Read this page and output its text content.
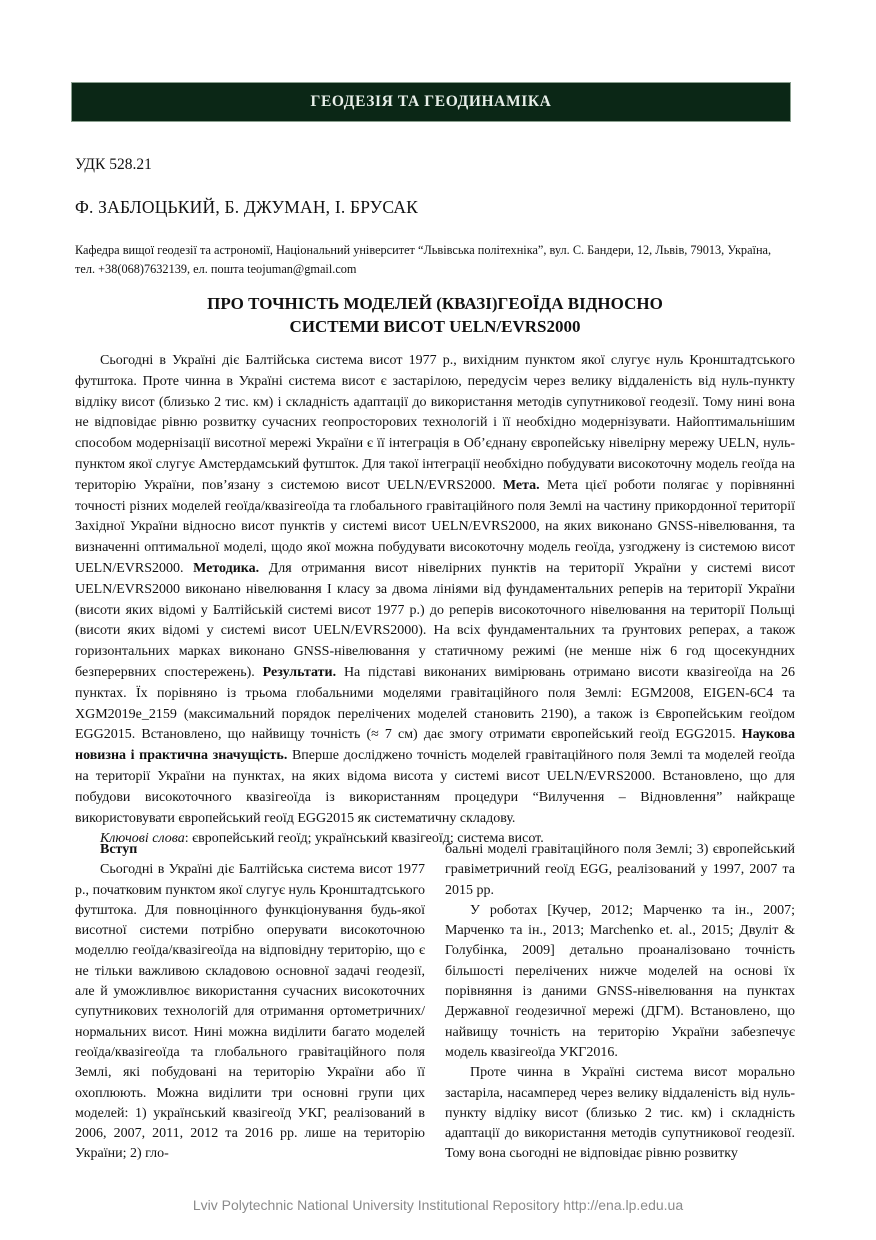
ГЕОДЕЗІЯ ТА ГЕОДИНАМІКА
УДК 528.21
Ф. ЗАБЛОЦЬКИЙ, Б. ДЖУМАН, І. БРУСАК
Кафедра вищої геодезії та астрономії, Національний університет “Львівська політехніка”, вул. С. Бандери, 12, Львів, 79013, Україна,
тел. +38(068)7632139, ел. пошта teojuman@gmail.com
ПРО ТОЧНІСТЬ МОДЕЛЕЙ (КВАЗІ)ГЕОЇДА ВІДНОСНО
СИСТЕМИ ВИСОТ UELN/EVRS2000

Сьогодні в Україні діє Балтійська система висот 1977 р., вихідним пунктом якої слугує нуль Кронштадтського футштока. Проте чинна в Україні система висот є застарілою, передусім через велику віддаленість від нуль-пункту відліку висот (близько 2 тис. км) і складність адаптації до використання методів супутникової геодезії. Тому нині вона не відповідає рівню розвитку сучасних геопросторових технологій і її необхідно модернізувати. Найоптимальнішим способом модернізації висотної мережі України є її інтеграція в Об’єднану європейську нівелірну мережу UELN, нуль-пунктом якої слугує Амстердамський футшток. Для такої інтеграції необхідно побудувати високоточну модель геоїда на територію України, пов’язану з системою висот UELN/EVRS2000. Мета. Мета цієї роботи полягає у порівнянні точності різних моделей геоїда/квазігеоїда та глобального гравітаційного поля Землі на частину прикордонної території Західної України відносно висот пунктів у системі висот UELN/EVRS2000, на яких виконано GNSS-нівелювання, та визначенні оптимальної моделі, щодо якої можна побудувати високоточну модель геоїда, узгоджену із системою висот UELN/EVRS2000. Методика. Для отримання висот нівелірних пунктів на території України у системі висот UELN/EVRS2000 виконано нівелювання І класу за двома лініями від фундаментальних реперів на території України (висоти яких відомі у Балтійській системі висот 1977 р.) до реперів високоточного нівелювання на території Польщі (висоти яких відомі у системі висот UELN/EVRS2000). На всіх фундаментальних та ґрунтових реперах, а також горизонтальних марках виконано GNSS-нівелювання у статичному режимі (не менше ніж 6 год щосекундних безперервних спостережень). Результати. На підставі виконаних вимірювань отримано висоти квазігеоїда на 26 пунктах. Їх порівняно із трьома глобальними моделями гравітаційного поля Землі: EGM2008, EIGEN-6C4 та XGM2019e_2159 (максимальний порядок перелічених моделей становить 2190), а також із Європейським геоїдом EGG2015. Встановлено, що найвищу точність (≈ 7 см) дає змогу отримати європейський геоїд EGG2015. Наукова новизна і практична значущість. Вперше досліджено точність моделей гравітаційного поля Землі та моделей геоїда на території України на пунктах, на яких відома висота у системі висот UELN/EVRS2000. Встановлено, що для побудови високоточного квазігеоїда із використанням процедури “Вилучення – Відновлення” найкраще використовувати європейський геоїд EGG2015 як систематичну складову.

Ключові слова: європейський геоїд; український квазігеоїд; система висот.

Вступ

Сьогодні в Україні діє Балтійська система висот 1977 р., початковим пунктом якої слугує нуль Кронштадтського футштока. Для повноцінного функціонування будь-якої висотної системи потрібно оперувати високоточною моделлю геоїда/квазігеоїда на відповідну територію, що є не тільки важливою складовою основної задачі геодезії, але й уможливлює використання сучасних високоточних супутникових технологій для отримання ортометричних/нормальних висот. Нині можна виділити багато моделей геоїда/квазігеоїда та глобального гравітаційного поля Землі, які побудовані на територію України або її охоплюють. Можна виділити три основні групи цих моделей: 1) український квазігеоїд УКГ, реалізований в 2006, 2007, 2011, 2012 та 2016 рр. лише на територію України; 2) гло-

бальні моделі гравітаційного поля Землі; 3) європейський гравіметричний геоїд EGG, реалізований у 1997, 2007 та 2015 рр.

У роботах [Кучер, 2012; Марченко та ін., 2007; Марченко та ін., 2013; Marchenko et. al., 2015; Двуліт & Голубінка, 2009] детально проаналізовано точність більшості перелічених нижче моделей на основі їх порівняння із даними GNSS-нівелювання на пунктах Державної геодезичної мережі (ДГМ). Встановлено, що найвищу точність на територію України забезпечує модель квазігеоїда УКГ2016.

Проте чинна в Україні система висот морально застаріла, насамперед через велику віддаленість від нуль-пункту відліку висот (близько 2 тис. км) і складність адаптації до використання методів супутникової геодезії. Тому вона сьогодні не відповідає рівню розвитку

Lviv Polytechnic National University Institutional Repository http://ena.lp.edu.ua
